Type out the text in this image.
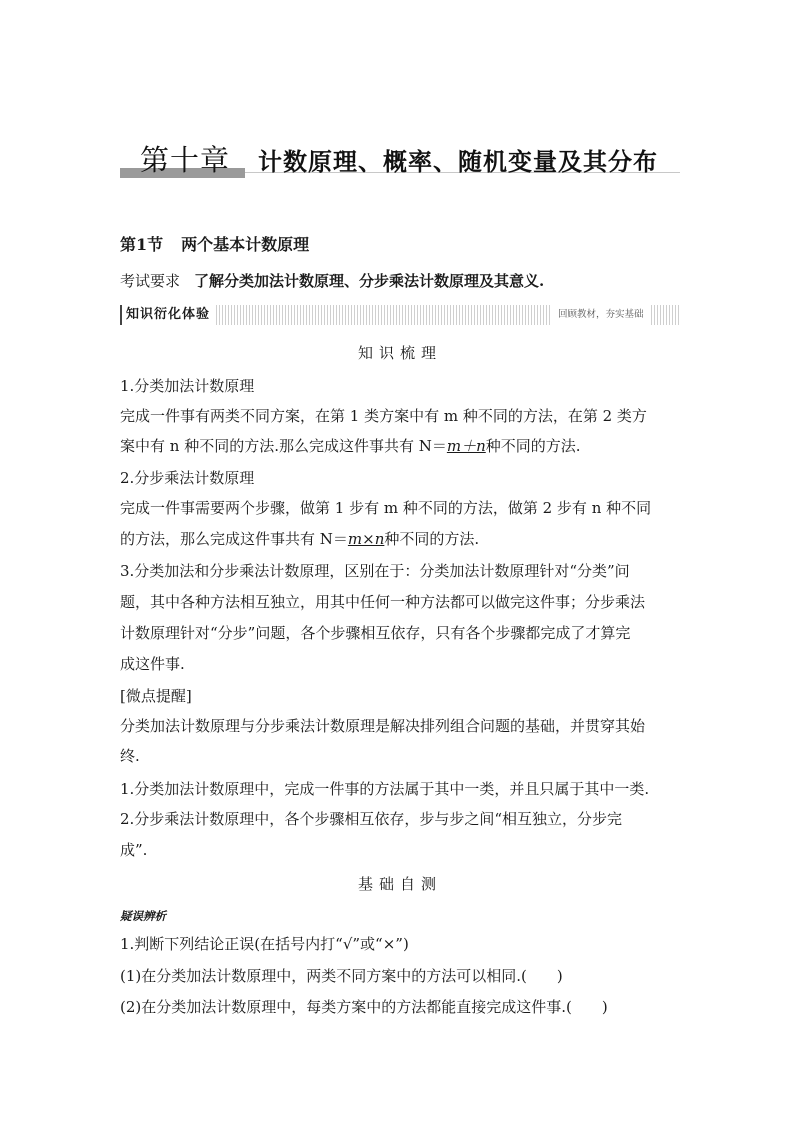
第十章 计数原理、概率、随机变量及其分布
第1节 两个基本计数原理
考试要求 了解分类加法计数原理、分步乘法计数原理及其意义.
知识衍化体验	回顾教材，夯实基础
知识梳理
1.分类加法计数原理
完成一件事有两类不同方案，在第 1 类方案中有 m 种不同的方法，在第 2 类方
案中有 n 种不同的方法.那么完成这件事共有 N＝m＋n种不同的方法.
2.分步乘法计数原理
完成一件事需要两个步骤，做第 1 步有 m 种不同的方法，做第 2 步有 n 种不同
的方法，那么完成这件事共有 N＝m×n种不同的方法.
3.分类加法和分步乘法计数原理，区别在于：分类加法计数原理针对“分类”问
题，其中各种方法相互独立，用其中任何一种方法都可以做完这件事；分步乘法
计数原理针对“分步”问题，各个步骤相互依存，只有各个步骤都完成了才算完
成这件事.
[微点提醒]
分类加法计数原理与分步乘法计数原理是解决排列组合问题的基础，并贯穿其始
终.
1.分类加法计数原理中，完成一件事的方法属于其中一类，并且只属于其中一类.
2.分步乘法计数原理中，各个步骤相互依存，步与步之间“相互独立，分步完
成”.
基础自测
疑误辨析
1.判断下列结论正误(在括号内打“√”或“×”)
(1)在分类加法计数原理中，两类不同方案中的方法可以相同.(　　)
(2)在分类加法计数原理中，每类方案中的方法都能直接完成这件事.(　　)
